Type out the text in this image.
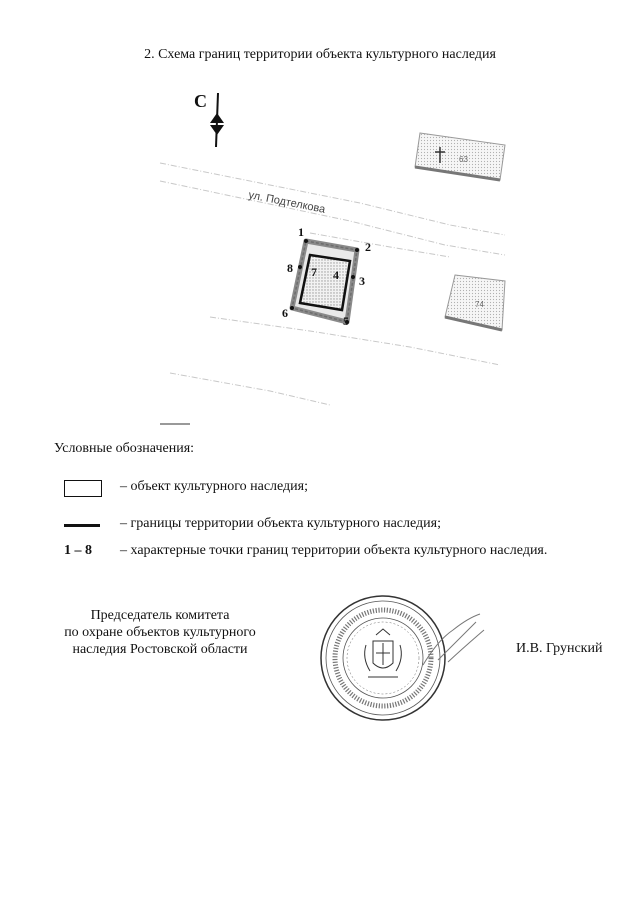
2. Схема границ территории объекта культурного наследия
63
74
ул. Подтелкова
С
1
2
3
4
5
6
7
8
Условные обозначения:
– объект культурного наследия;
– границы территории объекта культурного наследия;
1 – 8 – характерные точки границ территории объекта культурного наследия.
Председатель комитета
по охране объектов культурного
наследия Ростовской области	И.В. Грунский
